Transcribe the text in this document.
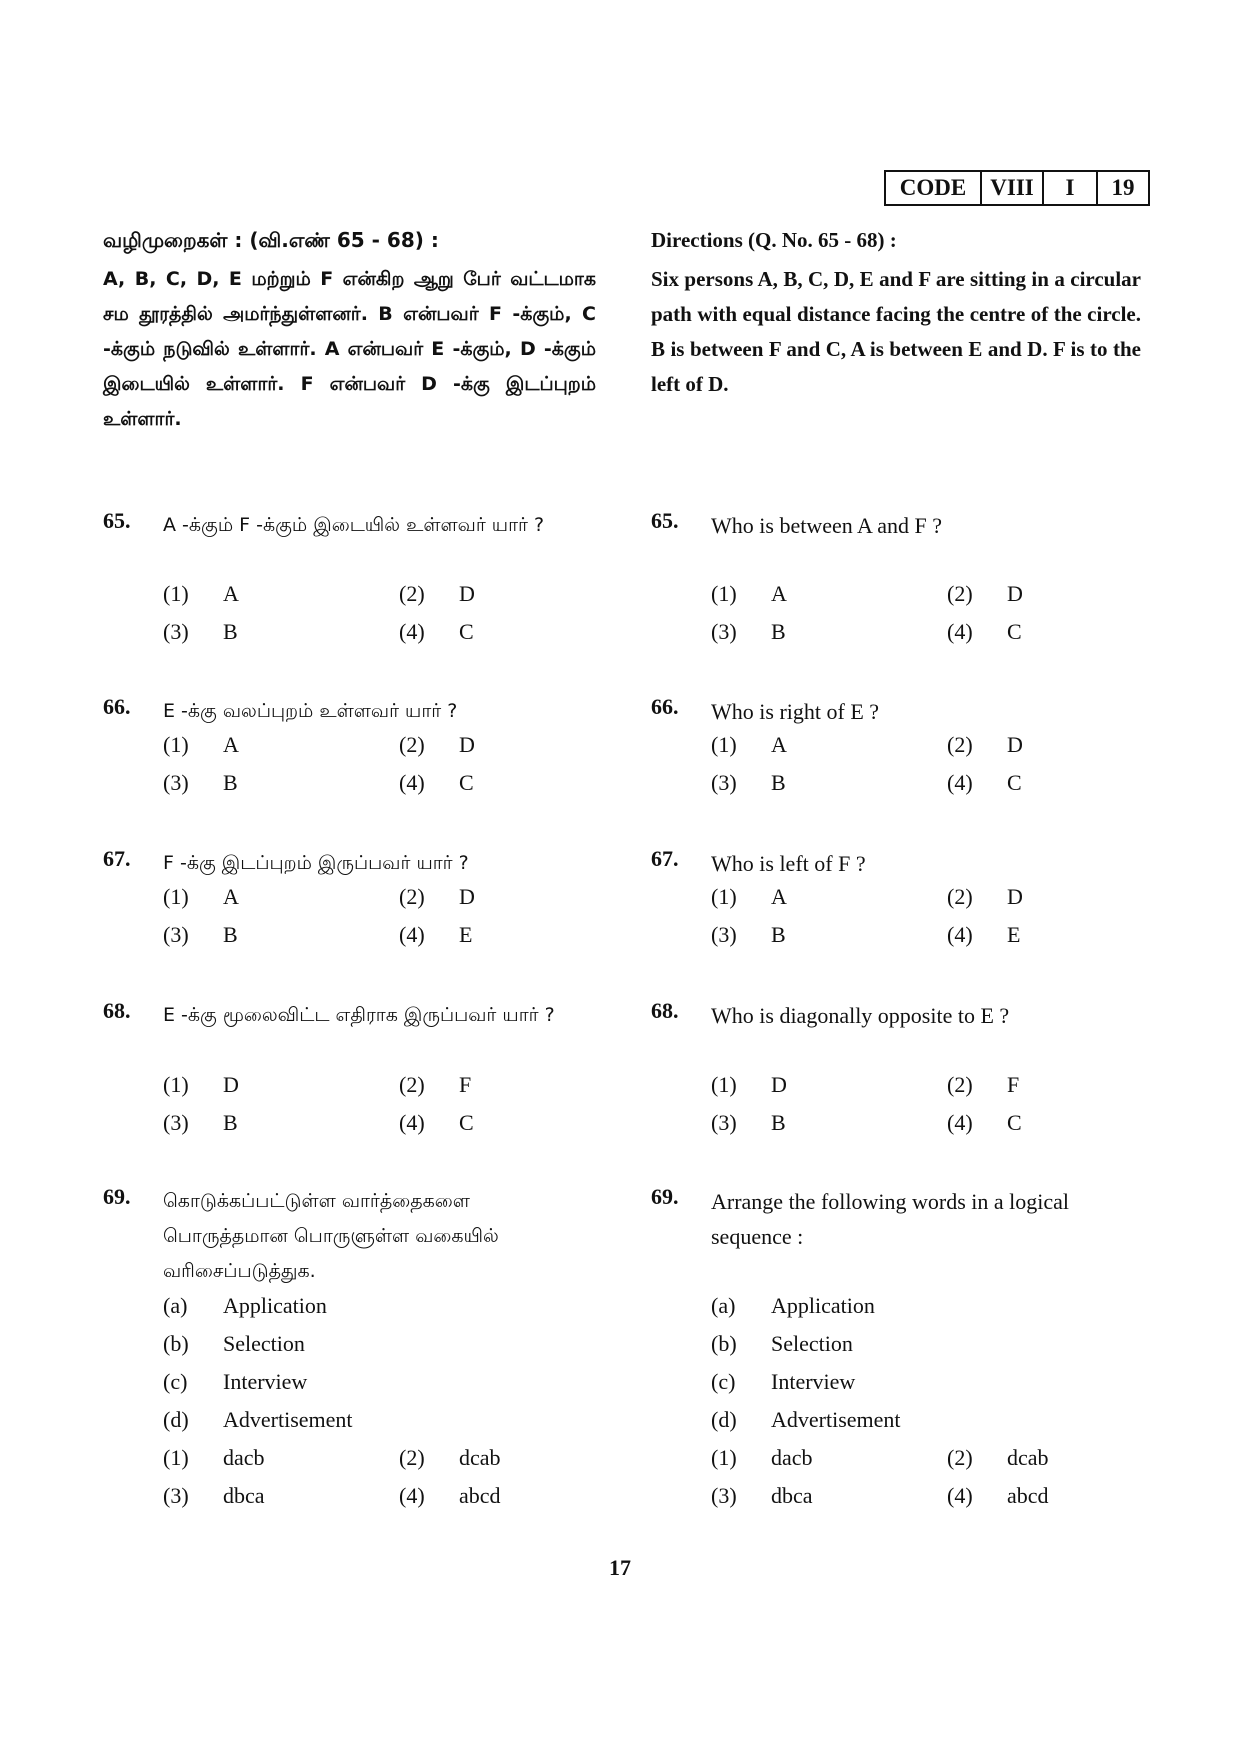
CODE	VIII	I	19
வழிமுறைகள் : (வி.எண் 65 - 68) :
A, B, C, D, E மற்றும் F என்கிற ஆறு பேர் வட்டமாக சம தூரத்தில் அமர்ந்துள்ளனர். B என்பவர் F -க்கும், C -க்கும் நடுவில் உள்ளார். A என்பவர் E -க்கும், D -க்கும் இடையில் உள்ளார். F என்பவர் D -க்கு இடப்புறம் உள்ளார்.
65. A -க்கும் F -க்கும் இடையில் உள்ளவர் யார் ?
(1) A	(2) D
(3) B	(4) C
66. E -க்கு வலப்புறம் உள்ளவர் யார் ?
(1) A	(2) D
(3) B	(4) C
67. F -க்கு இடப்புறம் இருப்பவர் யார் ?
(1) A	(2) D
(3) B	(4) E
68. E -க்கு மூலைவிட்ட எதிராக இருப்பவர் யார் ?
(1) D	(2) F
(3) B	(4) C
69. கொடுக்கப்பட்டுள்ள வார்த்தைகளை பொருத்தமான பொருளுள்ள வகையில் வரிசைப்படுத்துக.
(a) Application
(b) Selection
(c) Interview
(d) Advertisement
(1) dacb	(2) dcab
(3) dbca	(4) abcd
Directions (Q. No. 65 - 68) :
Six persons A, B, C, D, E and F are sitting in a circular path with equal distance facing the centre of the circle. B is between F and C, A is between E and D. F is to the left of D.
65. Who is between A and F ?
(1) A	(2) D
(3) B	(4) C
66. Who is right of E ?
(1) A	(2) D
(3) B	(4) C
67. Who is left of F ?
(1) A	(2) D
(3) B	(4) E
68. Who is diagonally opposite to E ?
(1) D	(2) F
(3) B	(4) C
69. Arrange the following words in a logical sequence :
(a) Application
(b) Selection
(c) Interview
(d) Advertisement
(1) dacb	(2) dcab
(3) dbca	(4) abcd
17
